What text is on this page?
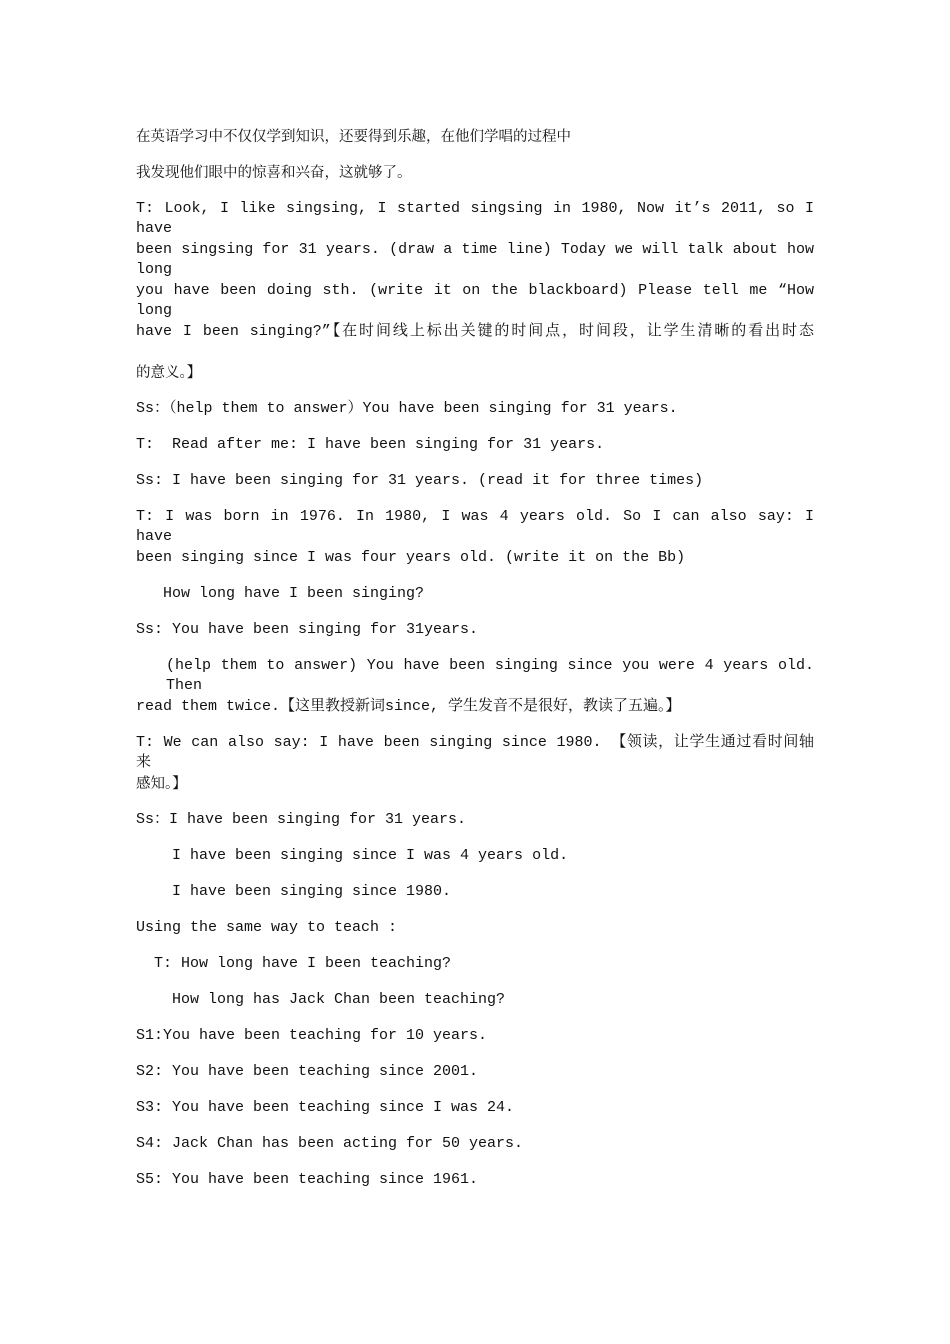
在英语学习中不仅仅学到知识，还要得到乐趣，在他们学唱的过程中
我发现他们眼中的惊喜和兴奋，这就够了。
T: Look, I like singsing, I started singsing in 1980, Now it’s 2011, so I have
been singsing for 31 years. (draw a time line) Today we will talk about how long
you have been doing sth. (write it on the blackboard) Please tell me “How long
have I been singing?”【在时间线上标出关键的时间点，时间段，让学生清晰的看出时态
的意义。】
Ss：（help them to answer）You have been singing for 31 years.
T:  Read after me: I have been singing for 31 years.
Ss: I have been singing for 31 years. (read it for three times)
T: I was born in 1976. In 1980, I was 4 years old. So I can also say: I have
been singing since I was four years old. (write it on the Bb)
How long have I been singing?
Ss: You have been singing for 31years.
(help them to answer) You have been singing since you were 4 years old. Then
read them twice.【这里教授新词since, 学生发音不是很好，教读了五遍。】
T: We can also say: I have been singing since 1980. 【领读，让学生通过看时间轴来
感知。】
Ss：I have been singing for 31 years.
I have been singing since I was 4 years old.
I have been singing since 1980.
Using the same way to teach :
T: How long have I been teaching?
How long has Jack Chan been teaching?
S1:You have been teaching for 10 years.
S2: You have been teaching since 2001.
S3: You have been teaching since I was 24.
S4: Jack Chan has been acting for 50 years.
S5: You have been teaching since 1961.
